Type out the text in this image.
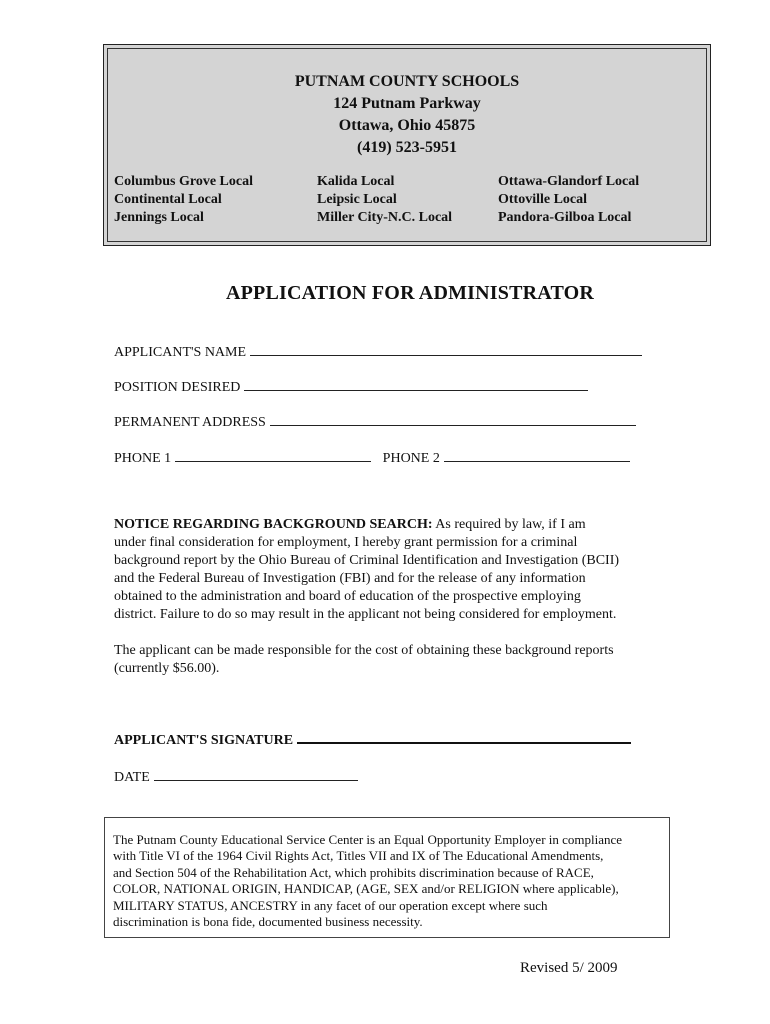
PUTNAM COUNTY SCHOOLS
124 Putnam Parkway
Ottawa, Ohio 45875
(419) 523-5951
Columbus Grove Local
Continental Local
Jennings Local
Kalida Local
Leipsic Local
Miller City-N.C. Local
Ottawa-Glandorf Local
Ottoville Local
Pandora-Gilboa Local
APPLICATION FOR ADMINISTRATOR
APPLICANT'S NAME
POSITION DESIRED
PERMANENT ADDRESS
PHONE 1	PHONE 2
NOTICE REGARDING BACKGROUND SEARCH: As required by law, if I am
under final consideration for employment, I hereby grant permission for a criminal
background report by the Ohio Bureau of Criminal Identification and Investigation (BCII)
and the Federal Bureau of Investigation (FBI) and for the release of any information
obtained to the administration and board of education of the prospective employing
district. Failure to do so may result in the applicant not being considered for employment.
The applicant can be made responsible for the cost of obtaining these background reports
(currently $56.00).
APPLICANT'S SIGNATURE
DATE
The Putnam County Educational Service Center is an Equal Opportunity Employer in compliance
with Title VI of the 1964 Civil Rights Act, Titles VII and IX of The Educational Amendments,
and Section 504 of the Rehabilitation Act, which prohibits discrimination because of RACE,
COLOR, NATIONAL ORIGIN, HANDICAP, (AGE, SEX and/or RELIGION where applicable),
MILITARY STATUS, ANCESTRY in any facet of our operation except where such
discrimination is bona fide, documented business necessity.
Revised 5/ 2009
